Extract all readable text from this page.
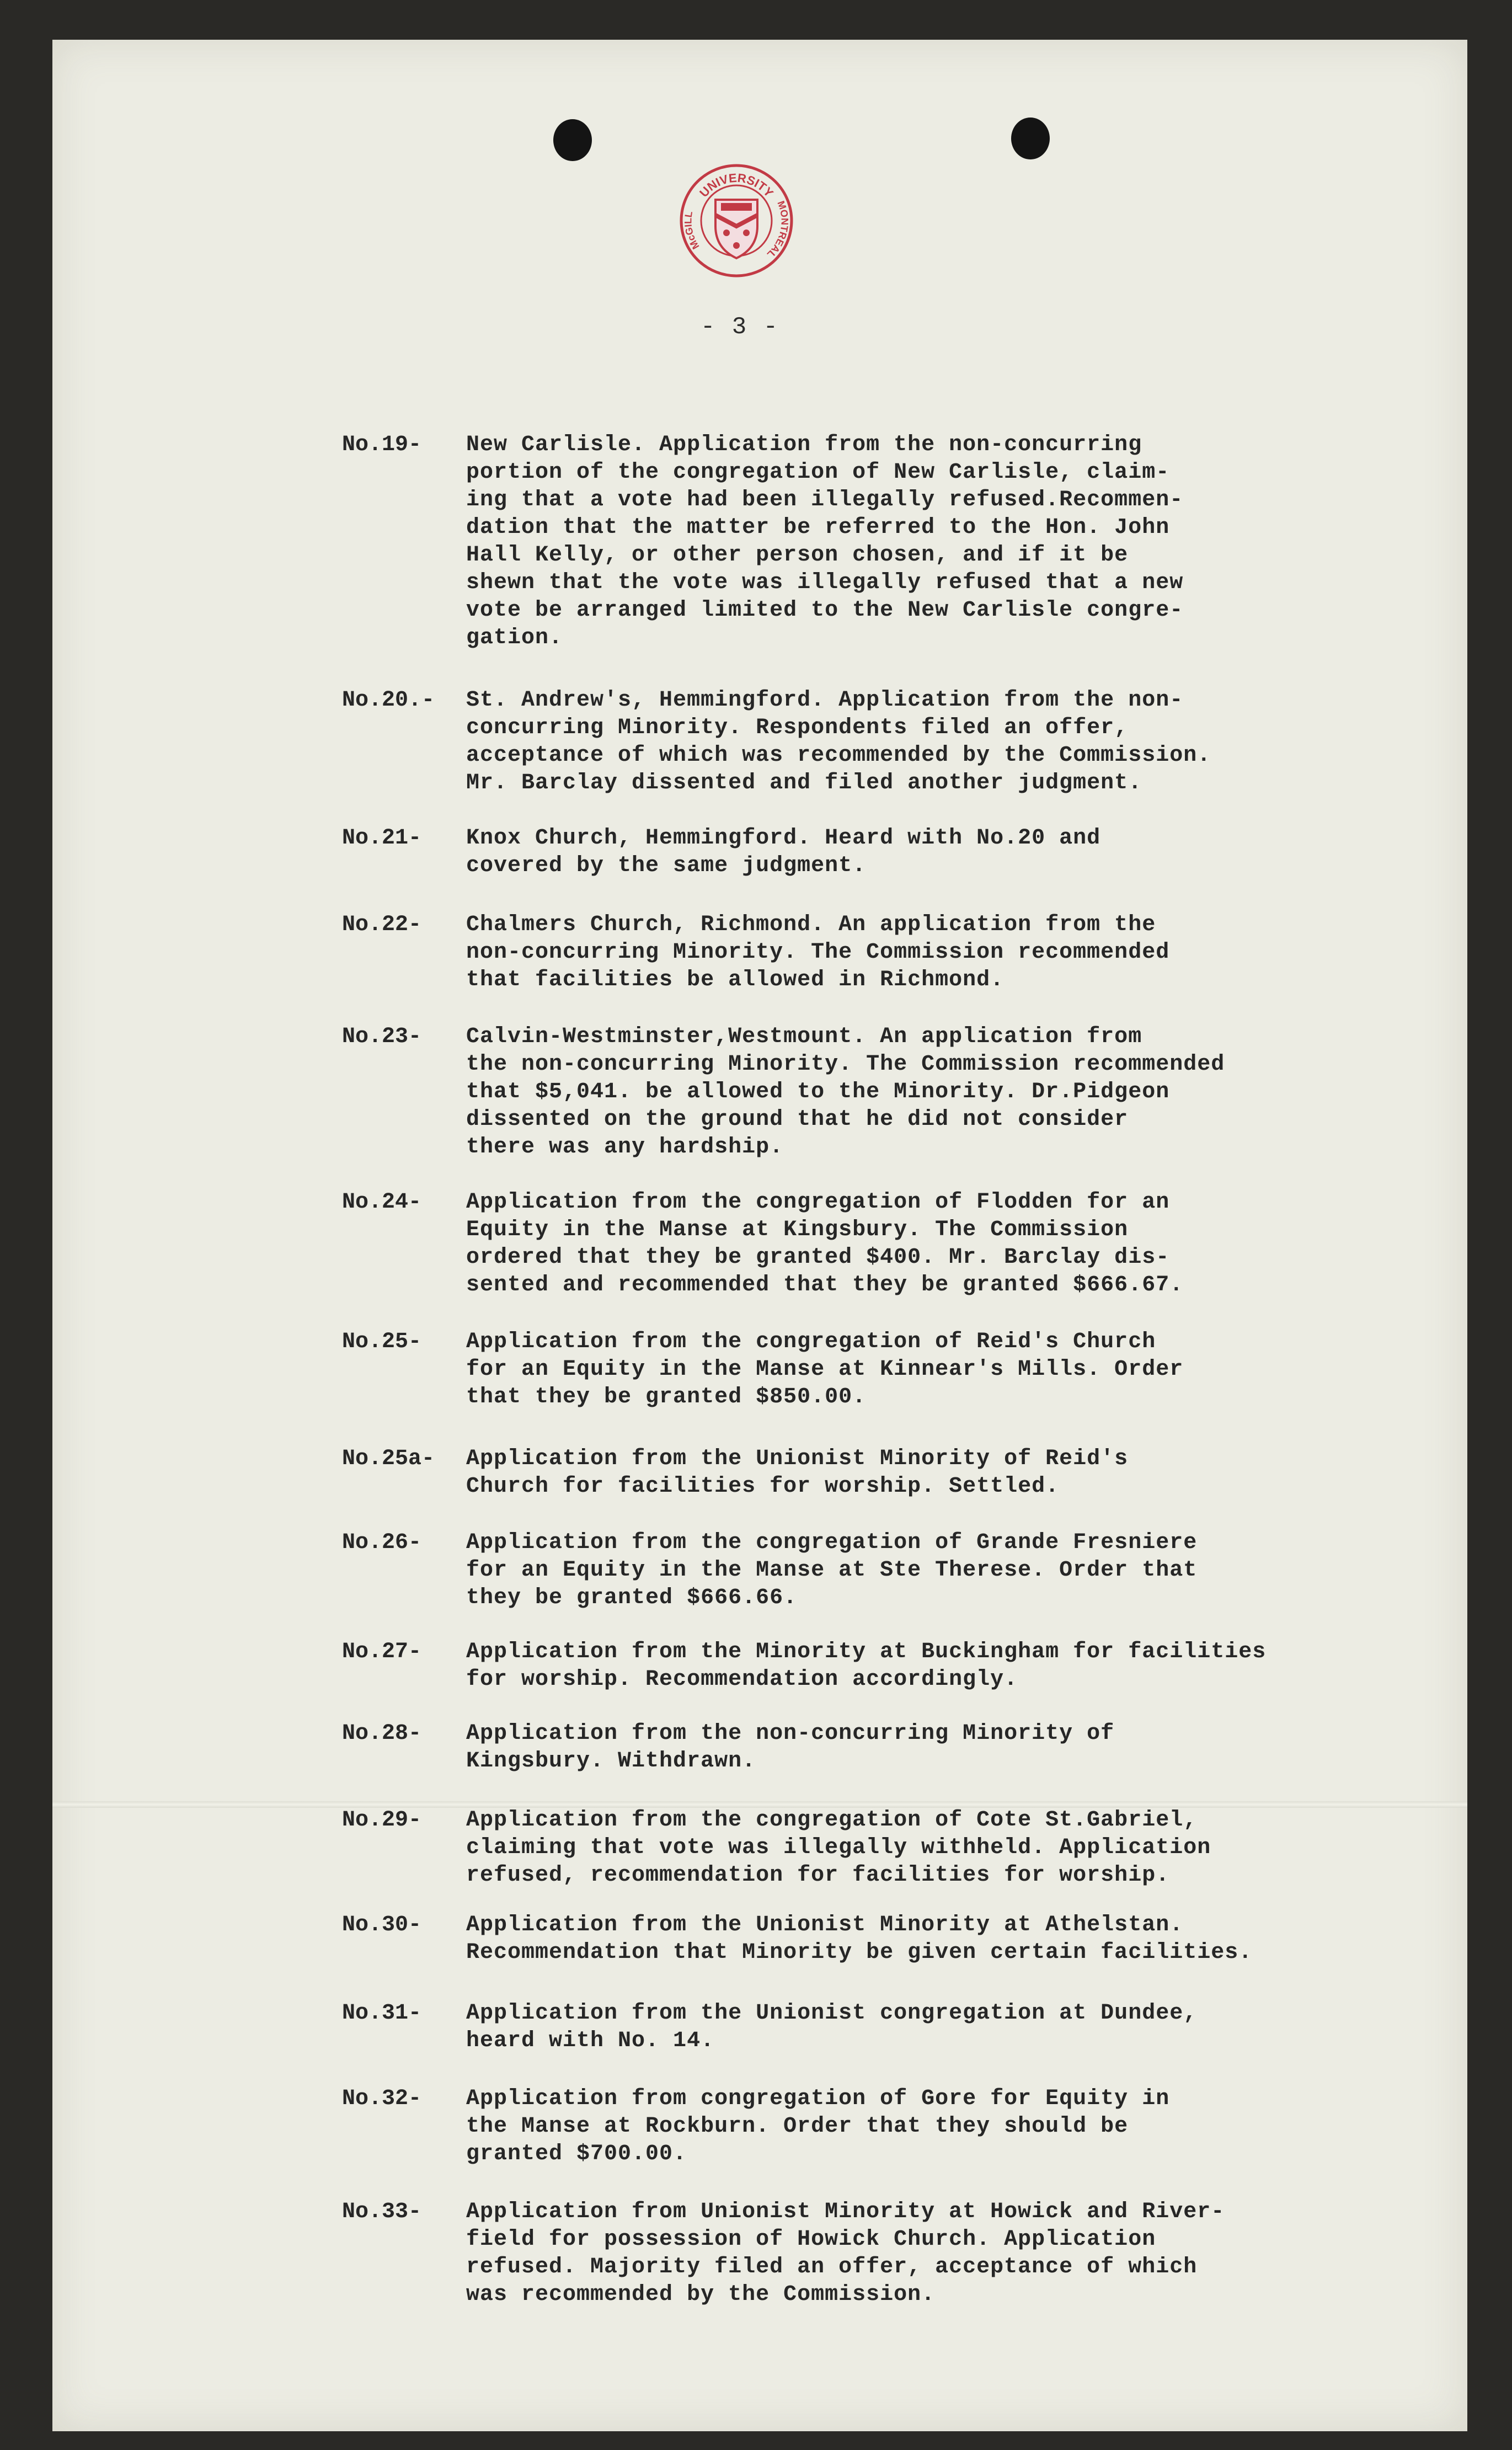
UNIVERSITY
McGILL
MONTREAL
- 3 -
No.19-	New Carlisle. Application from the non-concurring
portion of the congregation of New Carlisle, claim-
ing that a vote had been illegally refused.Recommen-
dation that the matter be referred to the Hon. John
Hall Kelly, or other person chosen, and if it be
shewn that the vote was illegally refused that a new
vote be arranged limited to the New Carlisle congre-
gation.
No.20.-	St. Andrew's, Hemmingford. Application from the non-
concurring Minority. Respondents filed an offer,
acceptance of which was recommended by the Commission.
Mr. Barclay dissented and filed another judgment.
No.21-	Knox Church, Hemmingford. Heard with No.20 and
covered by the same judgment.
No.22-	Chalmers Church, Richmond. An application from the
non-concurring Minority. The Commission recommended
that facilities be allowed in Richmond.
No.23-	Calvin-Westminster,Westmount. An application from
the non-concurring Minority. The Commission recommended
that $5,041. be allowed to the Minority. Dr.Pidgeon
dissented on the ground that he did not consider
there was any hardship.
No.24-	Application from the congregation of Flodden for an
Equity in the Manse at Kingsbury. The Commission
ordered that they be granted $400. Mr. Barclay dis-
sented and recommended that they be granted $666.67.
No.25-	Application from the congregation of Reid's Church
for an Equity in the Manse at Kinnear's Mills. Order
that they be granted $850.00.
No.25a-	Application from the Unionist Minority of Reid's
Church for facilities for worship. Settled.
No.26-	Application from the congregation of Grande Fresniere
for an Equity in the Manse at Ste Therese. Order that
they be granted $666.66.
No.27-	Application from the Minority at Buckingham for facilities
for worship. Recommendation accordingly.
No.28-	Application from the non-concurring Minority of
Kingsbury. Withdrawn.
No.29-	Application from the congregation of Cote St.Gabriel,
claiming that vote was illegally withheld. Application
refused, recommendation for facilities for worship.
No.30-	Application from the Unionist Minority at Athelstan.
Recommendation that Minority be given certain facilities.
No.31-	Application from the Unionist congregation at Dundee,
heard with No. 14.
No.32-	Application from congregation of Gore for Equity in
the Manse at Rockburn. Order that they should be
granted $700.00.
No.33-	Application from Unionist Minority at Howick and River-
field for possession of Howick Church. Application
refused. Majority filed an offer, acceptance of which
was recommended by the Commission.
